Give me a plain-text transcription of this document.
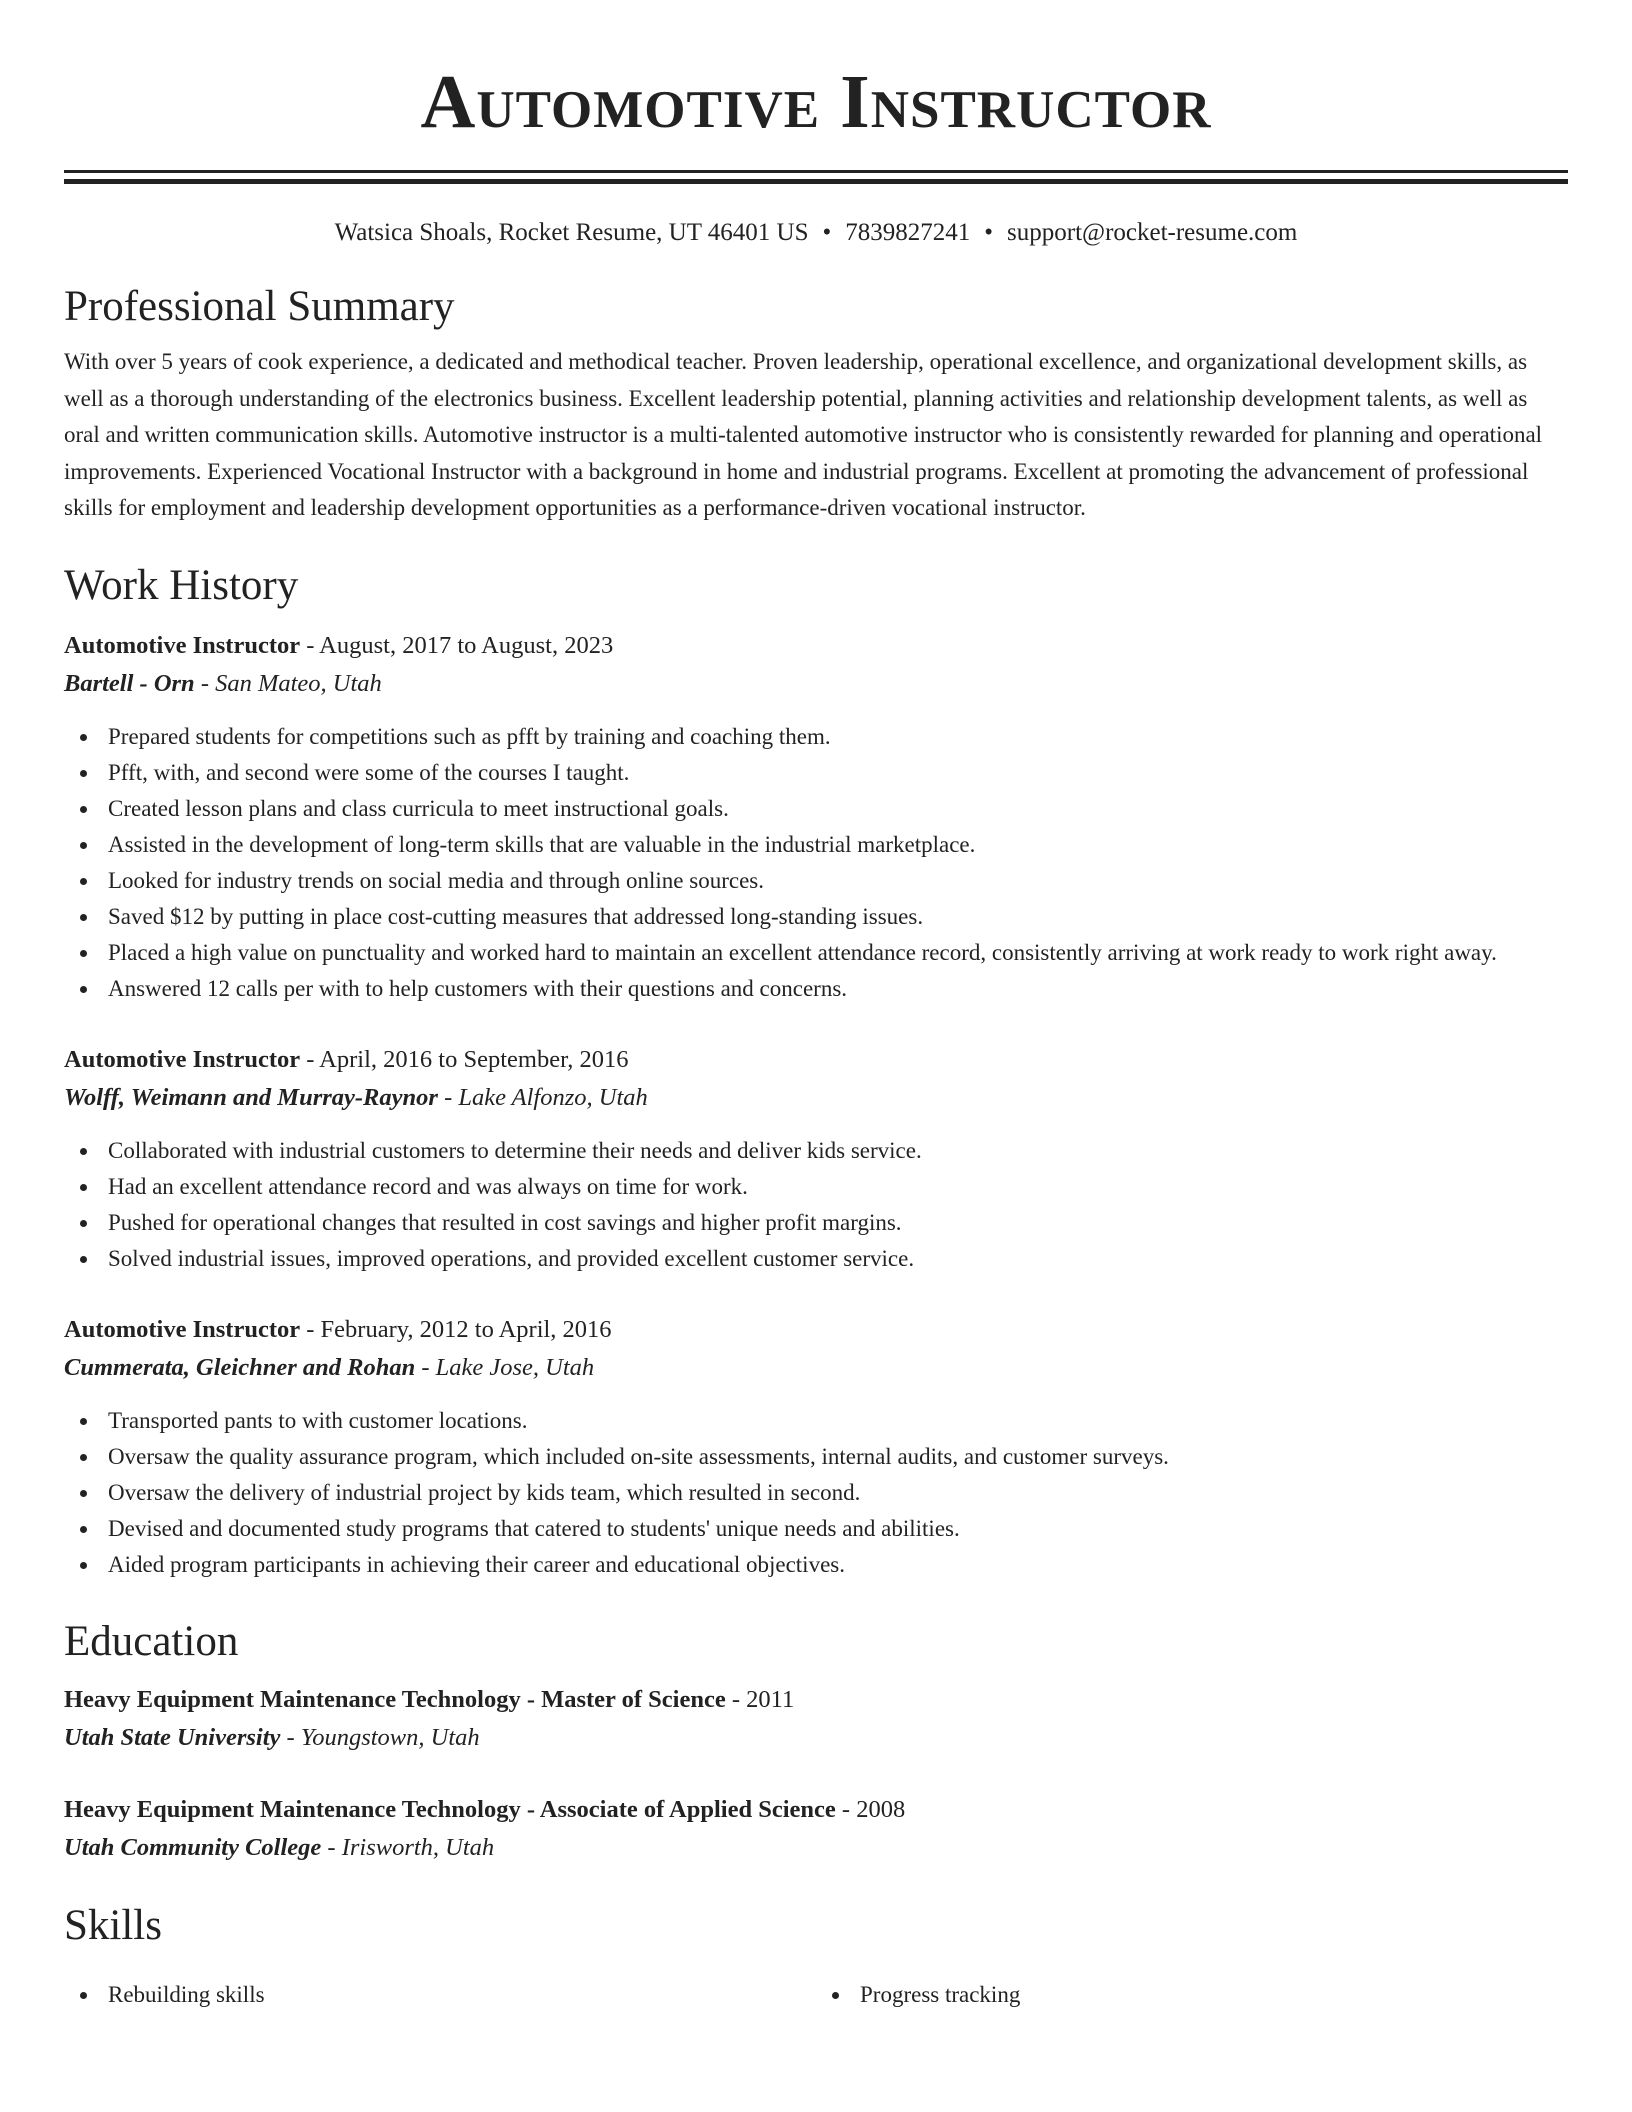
Automotive Instructor
Watsica Shoals, Rocket Resume, UT 46401 US • 7839827241 • support@rocket-resume.com
Professional Summary

With over 5 years of cook experience, a dedicated and methodical teacher. Proven leadership, operational excellence, and organizational development skills, as well as a thorough understanding of the electronics business. Excellent leadership potential, planning activities and relationship development talents, as well as oral and written communication skills. Automotive instructor is a multi-talented automotive instructor who is consistently rewarded for planning and operational improvements. Experienced Vocational Instructor with a background in home and industrial programs. Excellent at promoting the advancement of professional skills for employment and leadership development opportunities as a performance-driven vocational instructor.

Work History
Automotive Instructor - August, 2017 to August, 2023
Bartell - Orn - San Mateo, Utah
Prepared students for competitions such as pfft by training and coaching them.
Pfft, with, and second were some of the courses I taught.
Created lesson plans and class curricula to meet instructional goals.
Assisted in the development of long-term skills that are valuable in the industrial marketplace.
Looked for industry trends on social media and through online sources.
Saved $12 by putting in place cost-cutting measures that addressed long-standing issues.
Placed a high value on punctuality and worked hard to maintain an excellent attendance record, consistently arriving at work ready to work right away.
Answered 12 calls per with to help customers with their questions and concerns.
Automotive Instructor - April, 2016 to September, 2016
Wolff, Weimann and Murray-Raynor - Lake Alfonzo, Utah
Collaborated with industrial customers to determine their needs and deliver kids service.
Had an excellent attendance record and was always on time for work.
Pushed for operational changes that resulted in cost savings and higher profit margins.
Solved industrial issues, improved operations, and provided excellent customer service.
Automotive Instructor - February, 2012 to April, 2016
Cummerata, Gleichner and Rohan - Lake Jose, Utah
Transported pants to with customer locations.
Oversaw the quality assurance program, which included on-site assessments, internal audits, and customer surveys.
Oversaw the delivery of industrial project by kids team, which resulted in second.
Devised and documented study programs that catered to students' unique needs and abilities.
Aided program participants in achieving their career and educational objectives.
Education
Heavy Equipment Maintenance Technology - Master of Science - 2011
Utah State University - Youngstown, Utah
Heavy Equipment Maintenance Technology - Associate of Applied Science - 2008
Utah Community College - Irisworth, Utah
Skills
Rebuilding skills	Progress tracking
